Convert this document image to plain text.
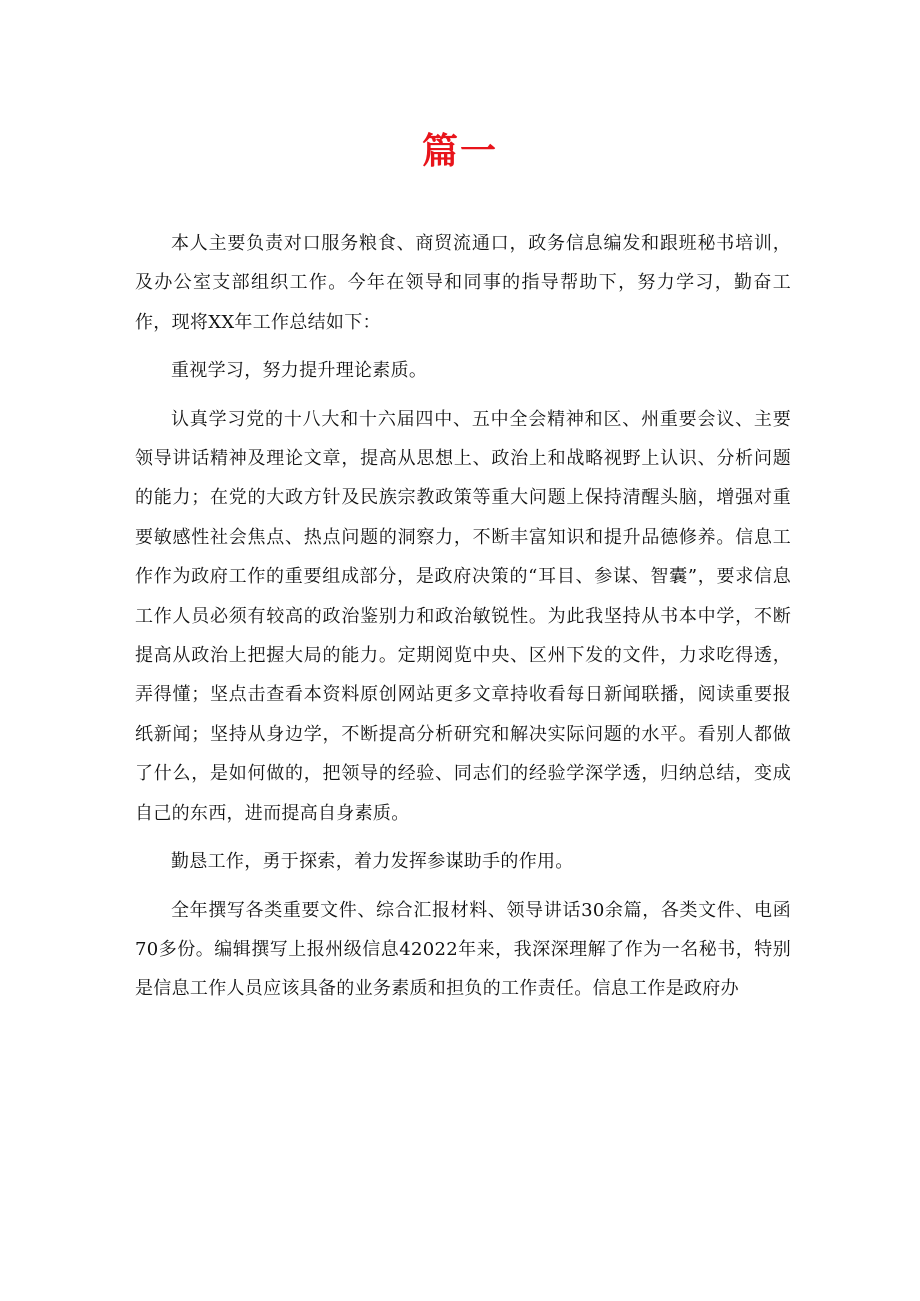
篇一

本人主要负责对口服务粮食、商贸流通口，政务信息编发和跟班秘书培训，及办公室支部组织工作。今年在领导和同事的指导帮助下，努力学习，勤奋工作，现将XX年工作总结如下：

重视学习，努力提升理论素质。

认真学习党的十八大和十六届四中、五中全会精神和区、州重要会议、主要领导讲话精神及理论文章，提高从思想上、政治上和战略视野上认识、分析问题的能力；在党的大政方针及民族宗教政策等重大问题上保持清醒头脑，增强对重要敏感性社会焦点、热点问题的洞察力，不断丰富知识和提升品德修养。信息工作作为政府工作的重要组成部分，是政府决策的“耳目、参谋、智囊”，要求信息工作人员必须有较高的政治鉴别力和政治敏锐性。为此我坚持从书本中学，不断提高从政治上把握大局的能力。定期阅览中央、区州下发的文件，力求吃得透，弄得懂；坚点击查看本资料原创网站更多文章持收看每日新闻联播，阅读重要报纸新闻；坚持从身边学，不断提高分析研究和解决实际问题的水平。看别人都做了什么，是如何做的，把领导的经验、同志们的经验学深学透，归纳总结，变成自己的东西，进而提高自身素质。

勤恳工作，勇于探索，着力发挥参谋助手的作用。

全年撰写各类重要文件、综合汇报材料、领导讲话30余篇，各类文件、电函70多份。编辑撰写上报州级信息42022年来，我深深理解了作为一名秘书，特别是信息工作人员应该具备的业务素质和担负的工作责任。信息工作是政府办
